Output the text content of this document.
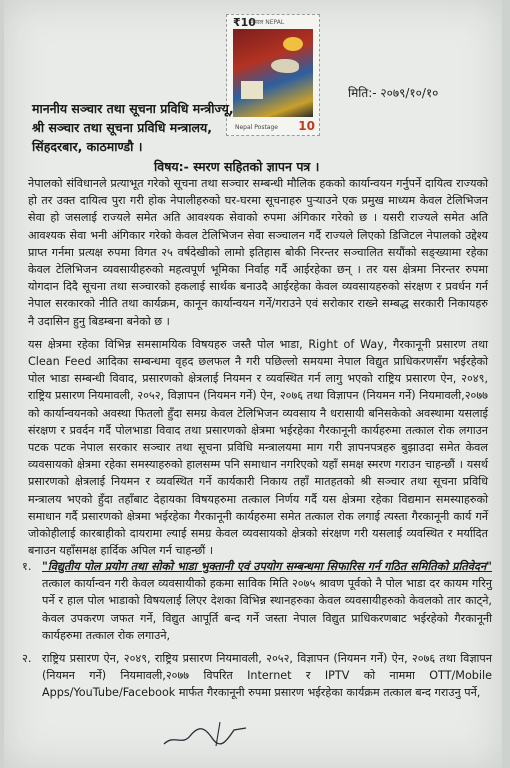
₹10
नेपाल NEPAL
Nepal Postage 10
मिति:- २०७९/१०/१०
माननीय सञ्चार तथा सूचना प्रविधि मन्त्रीज्यू,
श्री सञ्चार तथा सूचना प्रविधि मन्त्रालय,
सिंहदरबार, काठमाण्डौ ।
विषय:- स्मरण सहितको ज्ञापन पत्र ।

नेपालको संविधानले प्रत्याभूत गरेको सूचना तथा सञ्चार सम्बन्धी मौलिक हकको कार्यान्वयन गर्नुपर्ने दायित्व राज्यको हो तर उक्त दायित्व पुरा गरी होक नेपालीहरुको घर-घरमा सूचनाहरु पुऱ्याउने एक प्रमुख माध्यम केवल टेलिभिजन सेवा हो जसलाई राज्यले समेत अति आवश्यक सेवाको रुपमा अंगिकार गरेको छ । यसरी राज्यले समेत अति आवश्यक सेवा भनी अंगिकार गरेको केवल टेलिभिजन सेवा सञ्चालन गर्दै राज्यले लिएको डिजिटल नेपालको उद्देश्य प्राप्त गर्नमा प्रत्यक्ष रुपमा विगत २५ वर्षदेखीको लामो इतिहास बोकी निरन्तर सञ्चालित सयौंको सङ्ख्यामा रहेका केवल टेलिभिजन व्यवसायीहरुको महत्वपूर्ण भूमिका निर्वाह गर्दै आईरहेका छन् । तर यस क्षेत्रमा निरन्तर रुपमा योगदान दिदै सूचना तथा सञ्चारको हकलाई सार्थक बनाउदै आईरहेका केवल व्यवसायहरुको संरक्षण र प्रवर्धन गर्न नेपाल सरकारको नीति तथा कार्यक्रम, कानून कार्यान्वयन गर्ने/गराउने एवं सरोकार राख्ने सम्बद्ध सरकारी निकायहरु नै उदासिन हुनु बिडम्बना बनेको छ ।

यस क्षेत्रमा रहेका विभिन्न समसामयिक विषयहरु जस्तै पोल भाडा, Right of Way, गैरकानूनी प्रसारण तथा Clean Feed आदिका सम्बन्धमा वृहद छलफल नै गरी पछिल्लो समयमा नेपाल विद्युत प्राधिकरणसँग भईरहेको पोल भाडा सम्बन्धी विवाद, प्रसारणको क्षेत्रलाई नियमन र व्यवस्थित गर्न लागु भएको राष्ट्रिय प्रसारण ऐन, २०४९, राष्ट्रिय प्रसारण नियमावली, २०५२, विज्ञापन (नियमन गर्ने) ऐन, २०७६ तथा विज्ञापन (नियमन गर्ने) नियमावली,२०७७ को कार्यान्वयनको अवस्था फितलो हुँदा समग्र केवल टेलिभिजन व्यवसाय नै धरासायी बनिसकेको अवस्थामा यसलाई संरक्षण र प्रवर्दन गर्दै पोलभाडा विवाद तथा प्रसारणको क्षेत्रमा भईरहेका गैरकानूनी कार्यहरुमा तत्काल रोक लगाउन पटक पटक नेपाल सरकार सञ्चार तथा सूचना प्रविधि मन्त्रालयमा माग गरी ज्ञापनपत्रहरु बुझाउदा समेत केवल व्यवसायको क्षेत्रमा रहेका समस्याहरुको हालसम्म पनि समाधान नगरिएको यहाँ समक्ष स्मरण गराउन चाहन्छौं । यसर्थ प्रसारणको क्षेत्रलाई नियमन र व्यवस्थित गर्ने कार्यकारी निकाय तहाँ मातहतको श्री सञ्चार तथा सूचना प्रविधि मन्त्रालय भएको हुँदा तहाँबाट देहायका विषयहरुमा तत्काल निर्णय गर्दै यस क्षेत्रमा रहेका विद्यमान समस्याहरुको समाधान गर्दै प्रसारणको क्षेत्रमा भईरहेका गैरकानूनी कार्यहरुमा समेत तत्काल रोक लगाई त्यस्ता गैरकानूनी कार्य गर्ने जोकोहीलाई कारबाहीको दायरामा ल्याई समग्र केवल व्यवसायको क्षेत्रको संरक्षण गरी यसलाई व्यवस्थित र मर्यादित बनाउन यहाँसमक्ष हार्दिक अपिल गर्न चाहन्छौं ।

१. "विद्युतीय पोल प्रयोग तथा सोको भाडा भुक्तानी एवं उपयोग सम्बन्धमा सिफारिस गर्न गठित समितिको प्रतिवेदन" तत्काल कार्यान्वन गरी केवल व्यवसायीको हकमा साविक मिति २०७५ श्रावण पूर्वको नै पोल भाडा दर कायम गरिनु पर्ने र हाल पोल भाडाको विषयलाई लिएर देशका विभिन्न स्थानहरुका केवल व्यवसायीहरुको केवलको तार काट्ने, केवल उपकरण जफत गर्ने, विद्युत आपूर्ति बन्द गर्ने जस्ता नेपाल विद्युत प्राधिकरणबाट भईरहेको गैरकानूनी कार्यहरुमा तत्काल रोक लगाउने,
२. राष्ट्रिय प्रसारण ऐन, २०४९, राष्ट्रिय प्रसारण नियमावली, २०५२, विज्ञापन (नियमन गर्ने) ऐन, २०७६ तथा विज्ञापन (नियमन गर्ने) नियमावली,२०७७ विपरित Internet र IPTV को नाममा OTT/Mobile Apps/YouTube/Facebook मार्फत गैरकानूनी रुपमा प्रसारण भईरहेका कार्यक्रम तत्काल बन्द गराउनु पर्ने,
